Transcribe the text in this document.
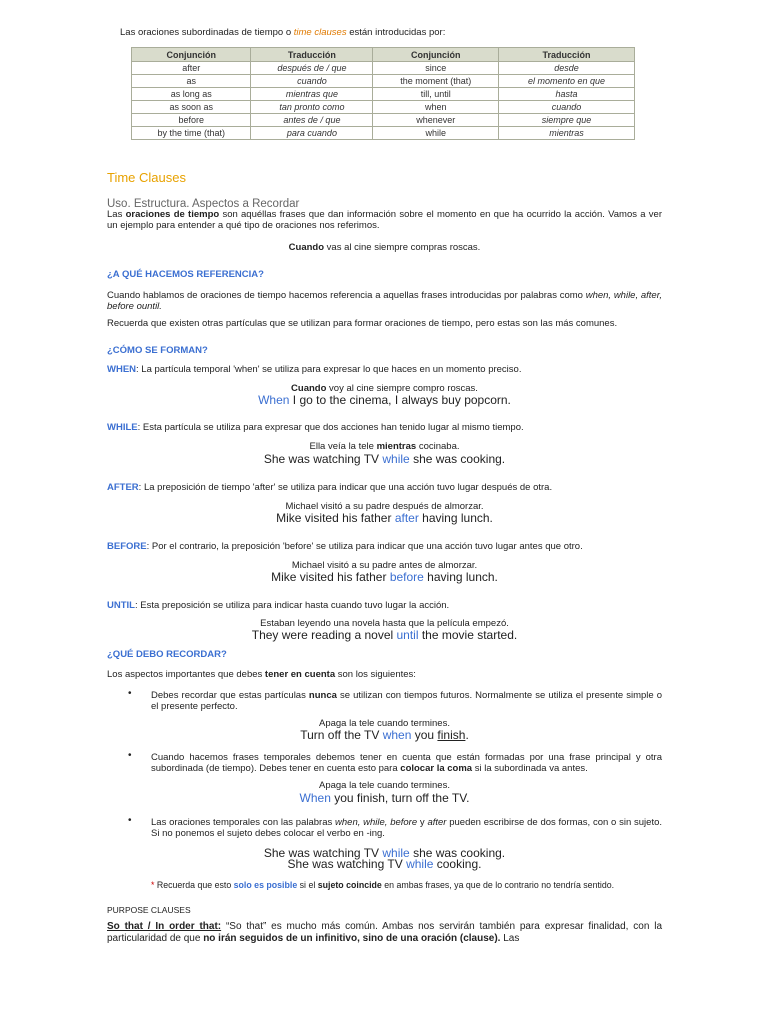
Las oraciones subordinadas de tiempo o time clauses están introducidas por:
Conjunción	Traducción	Conjunción	Traducción
after	después de / que	since	desde
as	cuando	the moment (that)	el momento en que
as long as	mientras que	till, until	hasta
as soon as	tan pronto como	when	cuando
before	antes de / que	whenever	siempre que
by the time (that)	para cuando	while	mientras
Time Clauses
Uso. Estructura. Aspectos a Recordar
Las oraciones de tiempo son aquéllas frases que dan información sobre el momento en que ha ocurrido la acción. Vamos a ver un ejemplo para entender a qué tipo de oraciones nos referimos.
Cuando vas al cine siempre compras roscas.
¿A QUÉ HACEMOS REFERENCIA?
Cuando hablamos de oraciones de tiempo hacemos referencia a aquellas frases introducidas por palabras como when, while, after, before ountil.
Recuerda que existen otras partículas que se utilizan para formar oraciones de tiempo, pero estas son las más comunes.
¿CÓMO SE FORMAN?
WHEN: La partícula temporal 'when' se utiliza para expresar lo que haces en un momento preciso.
Cuando voy al cine siempre compro roscas.
When I go to the cinema, I always buy popcorn.
WHILE: Esta partícula se utiliza para expresar que dos acciones han tenido lugar al mismo tiempo.
Ella veía la tele mientras cocinaba.
She was watching TV while she was cooking.
AFTER: La preposición de tiempo 'after' se utiliza para indicar que una acción tuvo lugar después de otra.
Michael visitó a su padre después de almorzar.
Mike visited his father after having lunch.
BEFORE: Por el contrario, la preposición 'before' se utiliza para indicar que una acción tuvo lugar antes que otro.
Michael visitó a su padre antes de almorzar.
Mike visited his father before having lunch.
UNTIL: Esta preposición se utiliza para indicar hasta cuando tuvo lugar la acción.
Estaban leyendo una novela hasta que la película empezó.
They were reading a novel until the movie started.
¿QUÉ DEBO RECORDAR?
Los aspectos importantes que debes tener en cuenta son los siguientes:
• Debes recordar que estas partículas nunca se utilizan con tiempos futuros. Normalmente se utiliza el presente simple o el presente perfecto.
Apaga la tele cuando termines.
Turn off the TV when you finish.
• Cuando hacemos frases temporales debemos tener en cuenta que están formadas por una frase principal y otra subordinada (de tiempo). Debes tener en cuenta esto para colocar la coma si la subordinada va antes.
Apaga la tele cuando termines.
When you finish, turn off the TV.
• Las oraciones temporales con las palabras when, while, before y after pueden escribirse de dos formas, con o sin sujeto. Si no ponemos el sujeto debes colocar el verbo en -ing.
She was watching TV while she was cooking.
She was watching TV while cooking.
* Recuerda que esto solo es posible si el sujeto coincide en ambas frases, ya que de lo contrario no tendría sentido.
PURPOSE CLAUSES
So that / In order that: “So that” es mucho más común. Ambas nos servirán también para expresar finalidad, con la particularidad de que no irán seguidos de un infinitivo, sino de una oración (clause). Las
